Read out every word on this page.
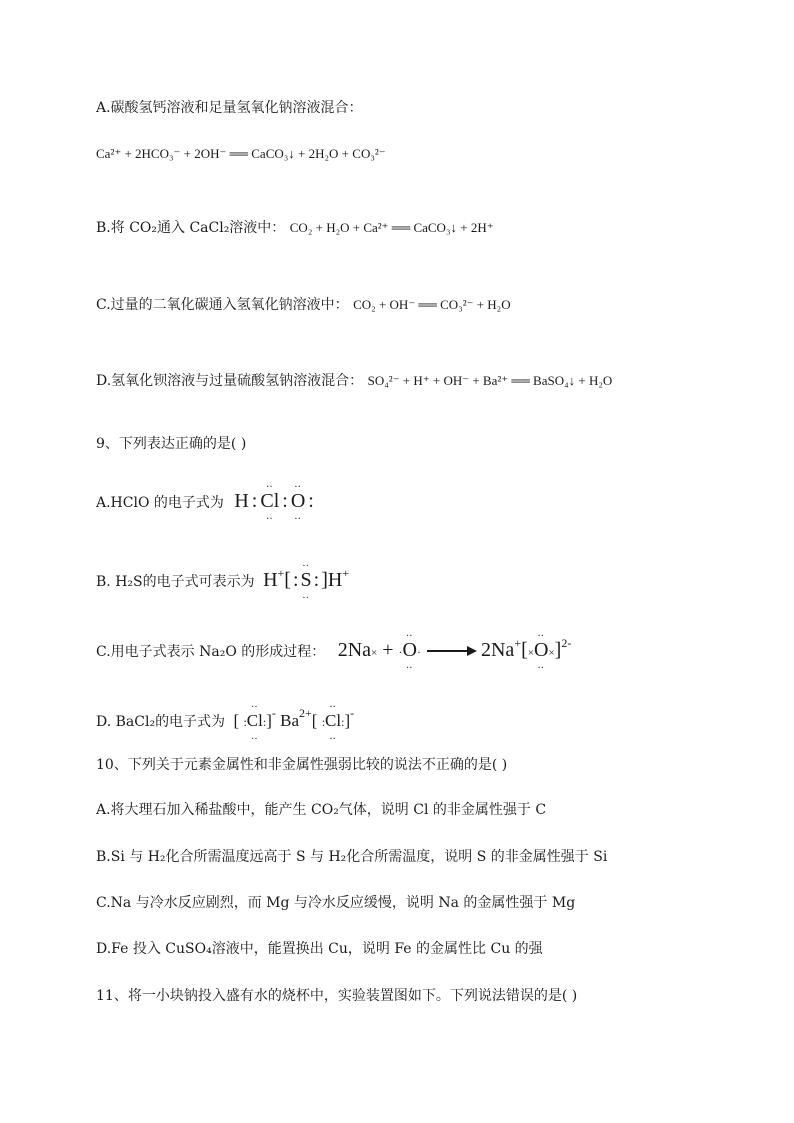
A.碳酸氢钙溶液和足量氢氧化钠溶液混合：
Ca²⁺ + 2HCO₃⁻ + 2OH⁻ ══ CaCO₃↓ + 2H₂O + CO₃²⁻
B.将 CO₂通入 CaCl₂溶液中： CO₂ + H₂O + Ca²⁺ ══ CaCO₃↓ + 2H⁺
C.过量的二氧化碳通入氢氧化钠溶液中： CO₂ + OH⁻ ══ CO₃²⁻ + H₂O
D.氢氧化钡溶液与过量硫酸氢钠溶液混合： SO₄²⁻ + H⁺ + OH⁻ + Ba²⁺ ══ BaSO₄↓ + H₂O
9、下列表达正确的是( )
A.HClO 的电子式为 H :
‥
Cl
‥
:
‥
O
‥
:
B. H₂S的电子式可表示为 H+[ :
‥
S
‥
: ]H+
C.用电子式表示 Na₂O 的形成过程： 2Na× + ·
‥
O
‥
· → 2Na+[×
‥
O
‥
×]$^{2-}$
D. BaCl₂的电子式为 [ :
‥
Cl
‥
:]- $Ba^{2+}$[ :
‥
Cl
‥
:]-
10、下列关于元素金属性和非金属性强弱比较的说法不正确的是( )
A.将大理石加入稀盐酸中，能产生 CO₂气体，说明 Cl 的非金属性强于 C
B.Si 与 H₂化合所需温度远高于 S 与 H₂化合所需温度，说明 S 的非金属性强于 Si
C.Na 与冷水反应剧烈，而 Mg 与冷水反应缓慢，说明 Na 的金属性强于 Mg
D.Fe 投入 CuSO₄溶液中，能置换出 Cu，说明 Fe 的金属性比 Cu 的强
11、将一小块钠投入盛有水的烧杯中，实验装置图如下。下列说法错误的是( )
